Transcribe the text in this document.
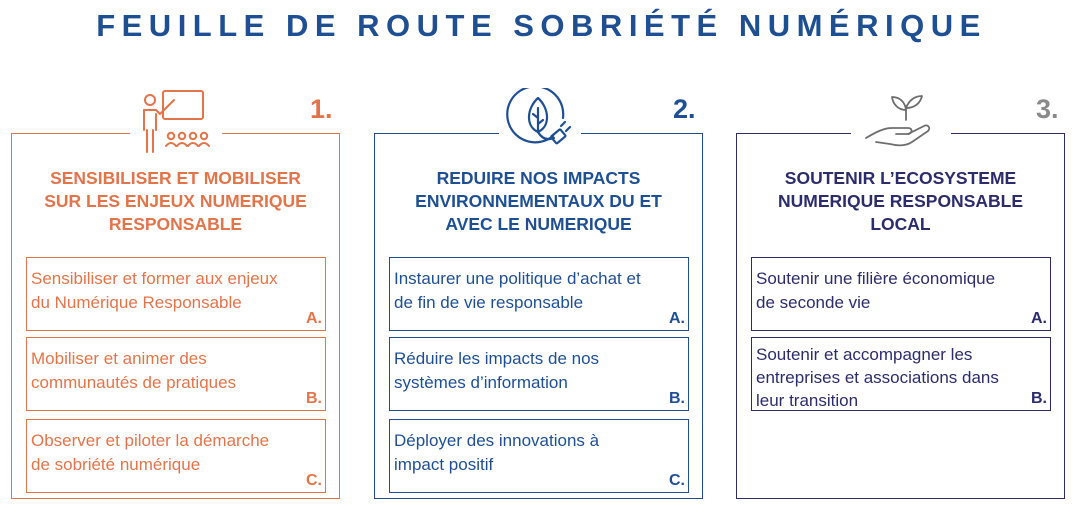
FEUILLE DE ROUTE SOBRIÉTÉ NUMÉRIQUE
SENSIBILISER ET MOBILISER
SUR LES ENJEUX NUMERIQUE
RESPONSABLE
Sensibiliser et former aux enjeux
du Numérique Responsable
A.
Mobiliser et animer des
communautés de pratiques
B.
Observer et piloter la démarche
de sobriété numérique
C.
REDUIRE NOS IMPACTS
ENVIRONNEMENTAUX DU ET
AVEC LE NUMERIQUE
Instaurer une politique d’achat et
de fin de vie responsable
A.
Réduire les impacts de nos
systèmes d’information
B.
Déployer des innovations à
impact positif
C.
SOUTENIR L’ECOSYSTEME
NUMERIQUE RESPONSABLE
LOCAL
Soutenir une filière économique
de seconde vie
A.
Soutenir et accompagner les
entreprises et associations dans
leur transition	B.
1.	2.	3.
